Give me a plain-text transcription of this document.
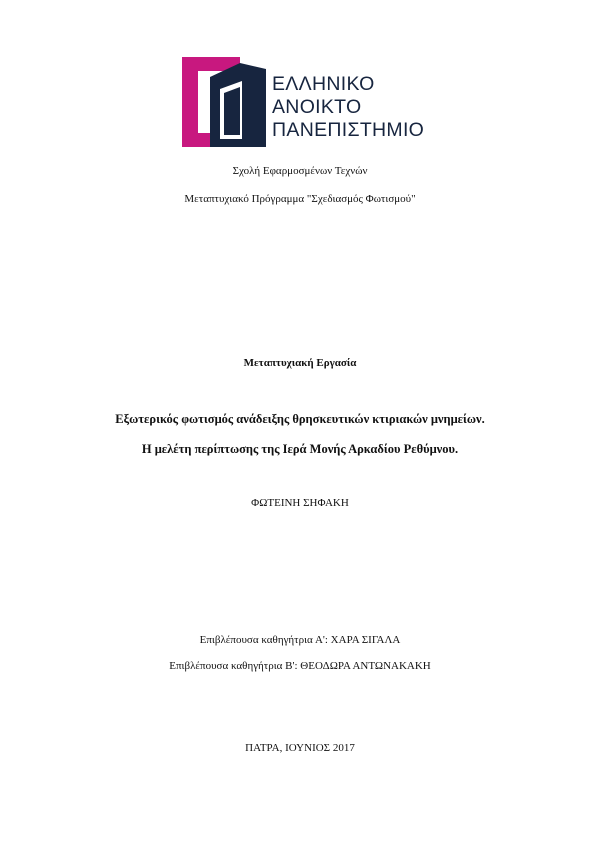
ΕΛΛΗΝΙΚΟ
ΑΝΟΙΚΤΟ
ΠΑΝΕΠΙΣΤΗΜΙΟ
Σχολή Εφαρμοσμένων Τεχνών
Μεταπτυχιακό Πρόγραμμα "Σχεδιασμός Φωτισμού"
Μεταπτυχιακή Εργασία
Εξωτερικός φωτισμός ανάδειξης θρησκευτικών κτιριακών μνημείων.
Η μελέτη περίπτωσης της Ιερά Μονής Αρκαδίου Ρεθύμνου.
ΦΩΤΕΙΝΗ ΣΗΦΑΚΗ
Επιβλέπουσα καθηγήτρια Α': ΧΑΡΑ ΣΙΓΑΛΑ
Επιβλέπουσα καθηγήτρια Β': ΘΕΟΔΩΡΑ ΑΝΤΩΝΑΚΑΚΗ
ΠΑΤΡΑ, ΙΟΥΝΙΟΣ 2017
